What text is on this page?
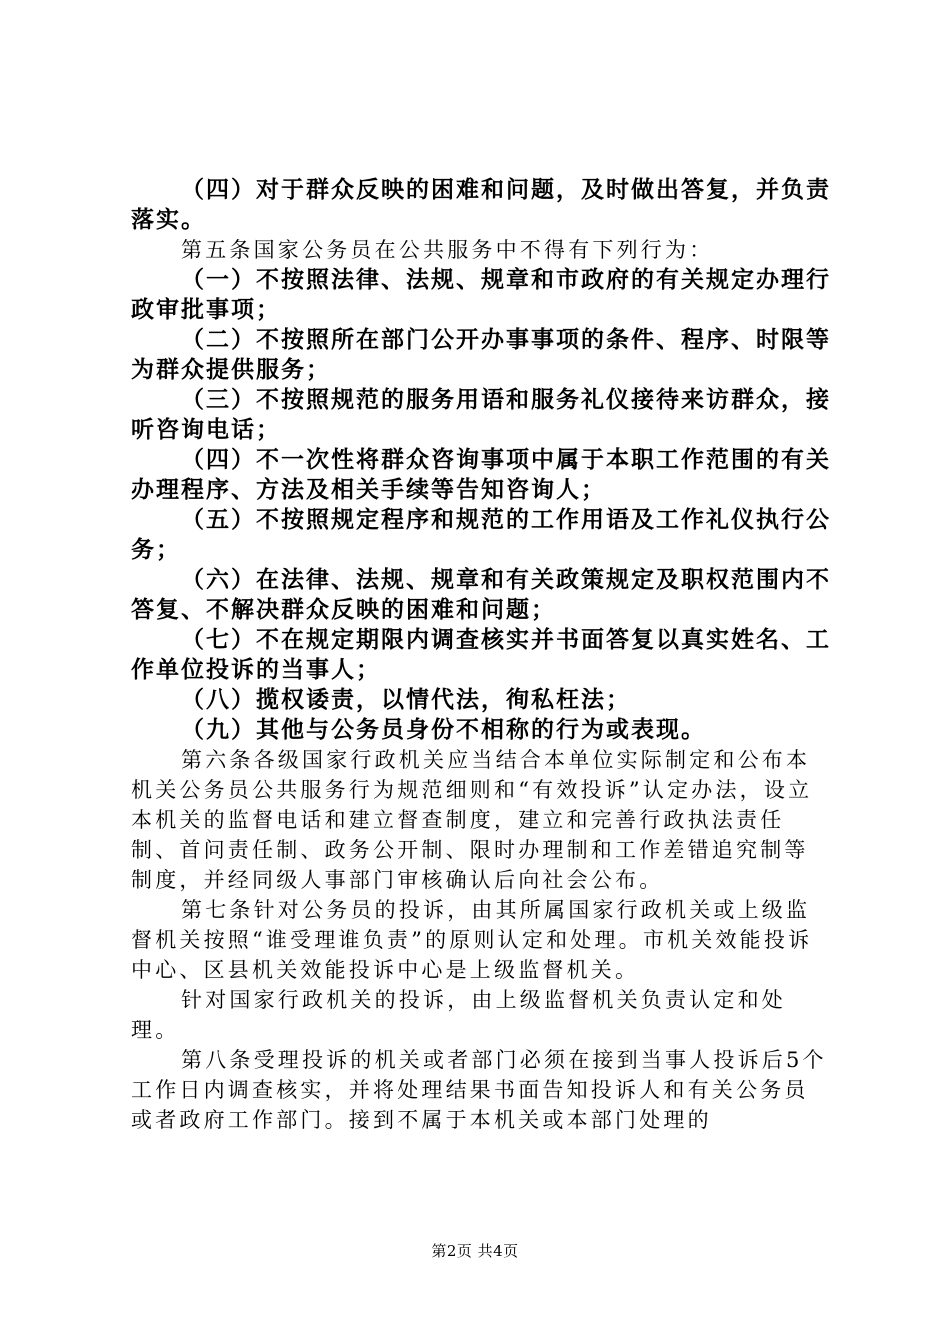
（四）对于群众反映的困难和问题，及时做出答复，并负责落实。

第五条国家公务员在公共服务中不得有下列行为：

（一）不按照法律、法规、规章和市政府的有关规定办理行政审批事项；

（二）不按照所在部门公开办事事项的条件、程序、时限等为群众提供服务；

（三）不按照规范的服务用语和服务礼仪接待来访群众，接听咨询电话；

（四）不一次性将群众咨询事项中属于本职工作范围的有关办理程序、方法及相关手续等告知咨询人；

（五）不按照规定程序和规范的工作用语及工作礼仪执行公务；

（六）在法律、法规、规章和有关政策规定及职权范围内不答复、不解决群众反映的困难和问题；

（七）不在规定期限内调查核实并书面答复以真实姓名、工作单位投诉的当事人；

（八）揽权诿责，以情代法，徇私枉法；

（九）其他与公务员身份不相称的行为或表现。

第六条各级国家行政机关应当结合本单位实际制定和公布本机关公务员公共服务行为规范细则和“有效投诉”认定办法，设立本机关的监督电话和建立督查制度，建立和完善行政执法责任制、首问责任制、政务公开制、限时办理制和工作差错追究制等制度，并经同级人事部门审核确认后向社会公布。

第七条针对公务员的投诉，由其所属国家行政机关或上级监督机关按照“谁受理谁负责”的原则认定和处理。市机关效能投诉中心、区县机关效能投诉中心是上级监督机关。

针对国家行政机关的投诉，由上级监督机关负责认定和处理。

第八条受理投诉的机关或者部门必须在接到当事人投诉后5个工作日内调查核实，并将处理结果书面告知投诉人和有关公务员或者政府工作部门。接到不属于本机关或本部门处理的

第2页 共4页
